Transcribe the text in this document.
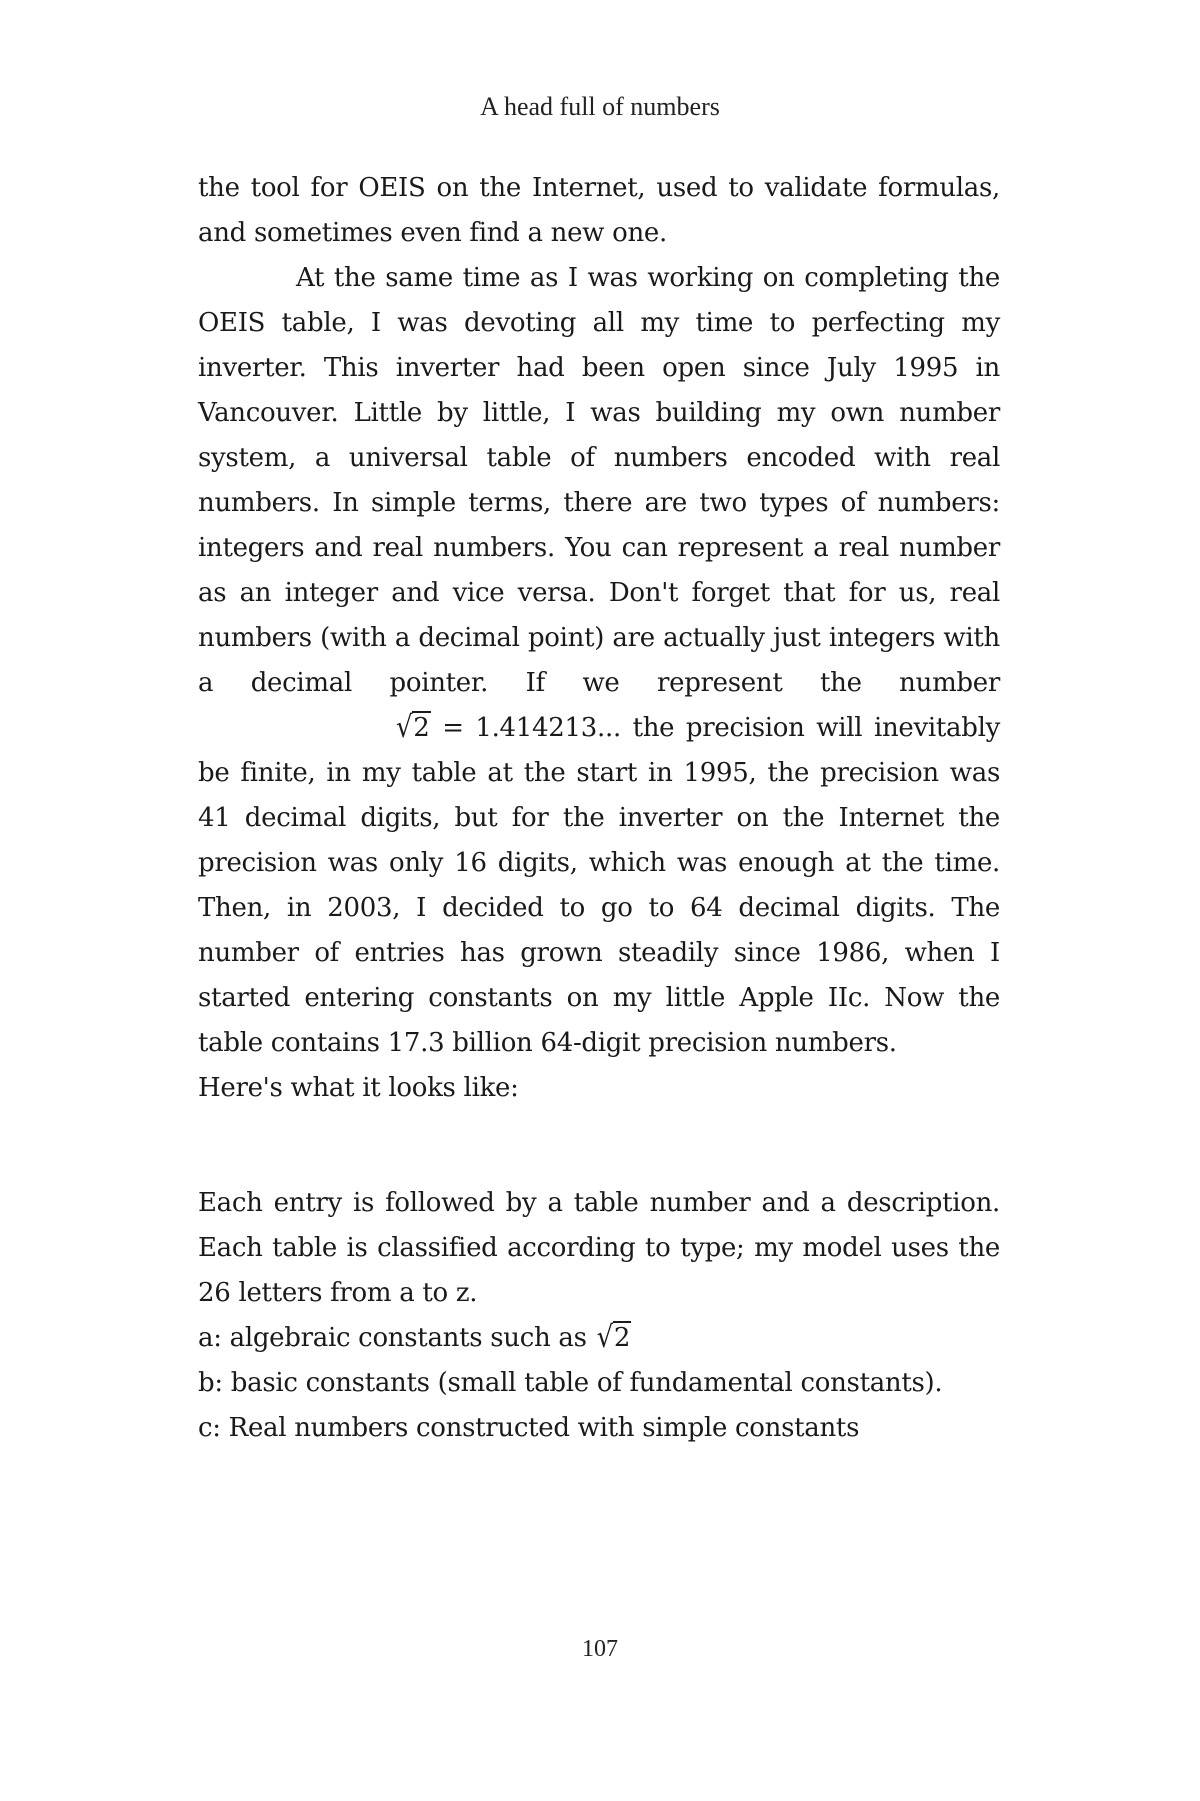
A head full of numbers

the tool for OEIS on the Internet, used to validate formulas, and sometimes even find a new one.

At the same time as I was working on completing the OEIS table, I was devoting all my time to perfecting my inverter. This inverter had been open since July 1995 in Vancouver. Little by little, I was building my own number system, a universal table of numbers encoded with real numbers. In simple terms, there are two types of numbers: integers and real numbers. You can represent a real number as an integer and vice versa. Don't forget that for us, real numbers (with a decimal point) are actually just integers with a decimal pointer. If we represent the number √2 = 1.414213... the precision will inevitably be finite, in my table at the start in 1995, the precision was 41 decimal digits, but for the inverter on the Internet the precision was only 16 digits, which was enough at the time. Then, in 2003, I decided to go to 64 decimal digits. The number of entries has grown steadily since 1986, when I started entering constants on my little Apple IIc. Now the table contains 17.3 billion 64-digit precision numbers.

Here's what it looks like:

Each entry is followed by a table number and a description. Each table is classified according to type; my model uses the 26 letters from a to z.

a: algebraic constants such as √2

b: basic constants (small table of fundamental constants).

c: Real numbers constructed with simple constants

107
